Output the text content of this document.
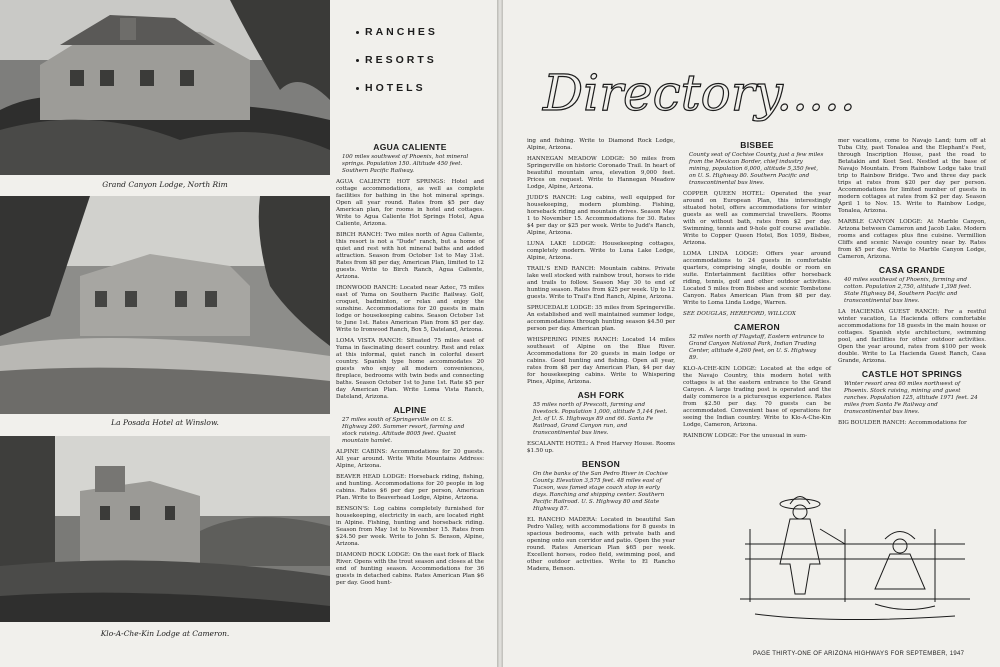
Grand Canyon Lodge, North Rim
La Posada Hotel at Winslow.
Klo-A-Che-Kin Lodge at Cameron.
RANCHES
RESORTS
HOTELS
AGUA CALIENTE
100 miles southwest of Phoenix, hot mineral springs. Population 150. Altitude 450 feet. Southern Pacific Railway.

AGUA CALIENTE HOT SPRINGS: Hotel and cottage accommodations, as well as complete facilities for bathing in the hot mineral springs. Open all year round. Rates from $5 per day American plan, for rooms in hotel and cottages. Write to Agua Caliente Hot Springs Hotel, Agua Caliente, Arizona.

BIRCH RANCH: Two miles north of Agua Caliente, this resort is not a "Dude" ranch, but a home of quiet and rest with hot mineral baths and added attraction. Season from October 1st to May 31st. Rates from $8 per day, American Plan, limited to 12 guests. Write to Birch Ranch, Agua Caliente, Arizona.

IRONWOOD RANCH: Located near Aztec, 75 miles east of Yuma on Southern Pacific Railway. Golf, croquet, badminton, or relax and enjoy the sunshine. Accommodations for 20 guests in main lodge or housekeeping cabins. Season October 1st to June 1st. Rates American Plan from $5 per day. Write to Ironwood Ranch, Box 5, Dateland, Arizona.

LOMA VISTA RANCH: Situated 75 miles east of Yuma in fascinating desert country. Rest and relax at this informal, quiet ranch in colorful desert country. Spanish type home accommodates 20 guests who enjoy all modern conveniences, fireplace, bedrooms with twin beds and connecting baths. Season October 1st to June 1st. Rate $5 per day American Plan. Write Loma Vista Ranch, Dateland, Arizona.

ALPINE
27 miles south of Springerville on U. S. Highway 260. Summer resort, farming and stock raising. Altitude 8005 feet. Quaint mountain hamlet.

ALPINE CABINS: Accommodations for 20 guests. All year around. Write White Mountains Address: Alpine, Arizona.

BEAVER HEAD LODGE: Horseback riding, fishing, and hunting. Accommodations for 20 people in log cabins. Rates $6 per day per person, American Plan. Write to Beaverhead Lodge, Alpine, Arizona.

BENSON'S: Log cabins completely furnished for housekeeping, electricity in each, are located right in Alpine. Fishing, hunting and horseback riding. Season from May 1st to November 15. Rates from $24.50 per week. Write to John S. Benson, Alpine, Arizona.

DIAMOND ROCK LODGE: On the east fork of Black River. Opens with the trout season and closes at the end of hunting season. Accommodations for 36 guests in detached cabins. Rates American Plan $6 per day. Good hunt-

Directory.....

ing and fishing. Write to Diamond Rock Lodge, Alpine, Arizona.

HANNEGAN MEADOW LODGE: 50 miles from Springerville on historic Coronado Trail. In heart of beautiful mountain area, elevation 9,000 feet. Prices on request. Write to Hannegan Meadow Lodge, Alpine, Arizona.

JUDD'S RANCH: Log cabins, well equipped for housekeeping, modern plumbing. Fishing, horseback riding and mountain drives. Season May 1 to November 15. Accommodations for 30. Rates $4 per day or $25 per week. Write to Judd's Ranch, Alpine, Arizona.

LUNA LAKE LODGE: Housekeeping cottages, completely modern. Write to Luna Lake Lodge, Alpine, Arizona.

TRAIL'S END RANCH: Mountain cabins. Private lake well stocked with rainbow trout, horses to ride and trails to follow. Season May 30 to end of hunting season. Rates from $25 per week. Up to 12 guests. Write to Trail's End Ranch, Alpine, Arizona.

SPRUCEDALE LODGE: 35 miles from Springerville. An established and well maintained summer lodge, accommodations through hunting season $4.50 per person per day. American plan.

WHISPERING PINES RANCH: Located 14 miles southeast of Alpine on the Blue River. Accommodations for 20 guests in main lodge or cabins. Good hunting and fishing. Open all year, rates from $8 per day American Plan, $4 per day for housekeeping cabins. Write to Whispering Pines, Alpine, Arizona.

ASH FORK
55 miles north of Prescott, farming and livestock. Population 1,000, altitude 5,144 feet. Jct. of U. S. Highways 89 and 66. Santa Fe Railroad, Grand Canyon run, and transcontinental bus lines.

ESCALANTE HOTEL: A Fred Harvey House. Rooms $1.50 up.

BENSON
On the banks of the San Pedro River in Cochise County. Elevation 3,575 feet. 48 miles east of Tucson, was famed stage coach stop in early days. Ranching and shipping center. Southern Pacific Railroad. U. S. Highway 80 and State Highway 87.

EL RANCHO MADERA: Located in beautiful San Pedro Valley, with accommodations for 8 guests in spacious bedrooms, each with private bath and opening onto sun corridor and patio. Open the year round. Rates American Plan $65 per week. Excellent horses, rodeo field, swimming pool, and other outdoor activities. Write to El Rancho Madera, Benson.

BISBEE
County seat of Cochise County, just a few miles from the Mexican Border, chief industry mining, population 6,000, altitude 5,350 feet, on U. S. Highway 80. Southern Pacific and transcontinental bus lines.

COPPER QUEEN HOTEL: Operated the year around on European Plan, this interestingly situated hotel, offers accommodations for winter guests as well as commercial travellers. Rooms with or without bath, rates from $2 per day. Swimming, tennis and 9-hole golf course available. Write to Copper Queen Hotel, Box 1059, Bisbee, Arizona.

LOMA LINDA LODGE: Offers year around accommodations to 24 guests in comfortable quarters, comprising single, double or room en suite. Entertainment facilities offer horseback riding, tennis, golf and other outdoor activities. Located 5 miles from Bisbee and scenic Tombstone Canyon. Rates American Plan from $8 per day. Write to Loma Linda Lodge, Warren.

SEE DOUGLAS, HEREFORD, WILLCOX
CAMERON
52 miles north of Flagstaff, Eastern entrance to Grand Canyon National Park, Indian Trading Center, altitude 4,260 feet, on U. S. Highway 89.

KLO-A-CHE-KIN LODGE: Located at the edge of the Navajo Country, this modern hotel with cottages is at the eastern entrance to the Grand Canyon. A large trading post is operated and the daily commerce is a picturesque experience. Rates from $2.50 per day. 70 guests can be accommodated. Convenient base of operations for seeing the Indian country. Write to Klo-A-Che-Kin Lodge, Cameron, Arizona.

RAINBOW LODGE: For the unusual in sum-

mer vacations, come to Navajo Land; turn off at Tuba City, past Tonalea and the Elephant's Feet, through Inscription House, past the road to Betatakin and Keet Seel. Nestled at the base of Navajo Mountain. From Rainbow Lodge take trail trip to Rainbow Bridge. Two and three day pack trips at rates from $20 per day per person. Accommodations for limited number of guests in modern cottages at rates from $2 per day. Season April 1 to Nov. 15. Write to Rainbow Lodge, Tonalea, Arizona.

MARBLE CANYON LODGE: At Marble Canyon, Arizona between Cameron and Jacob Lake. Modern rooms and cottages plus fine cuisine. Vermillion Cliffs and scenic Navajo country near by. Rates from $5 per day. Write to Marble Canyon Lodge, Cameron, Arizona.

CASA GRANDE
40 miles southeast of Phoenix, farming and cotton. Population 2,750, altitude 1,398 feet. State Highway 84, Southern Pacific and transcontinental bus lines.

LA HACIENDA GUEST RANCH: For a restful winter vacation, La Hacienda offers comfortable accommodations for 18 guests in the main house or cottages. Spanish style architecture, swimming pool, and facilities for other outdoor activities. Open the year around, rates from $100 per week double. Write to La Hacienda Guest Ranch, Casa Grande, Arizona.

CASTLE HOT SPRINGS
Winter resort area 60 miles northwest of Phoenix. Stock raising, mining and guest ranches. Population 125, altitude 1971 feet. 24 miles from Santa Fe Railway and transcontinental bus lines.

BIG BOULDER RANCH: Accommodations for

PAGE THIRTY-ONE OF ARIZONA HIGHWAYS FOR SEPTEMBER, 1947
